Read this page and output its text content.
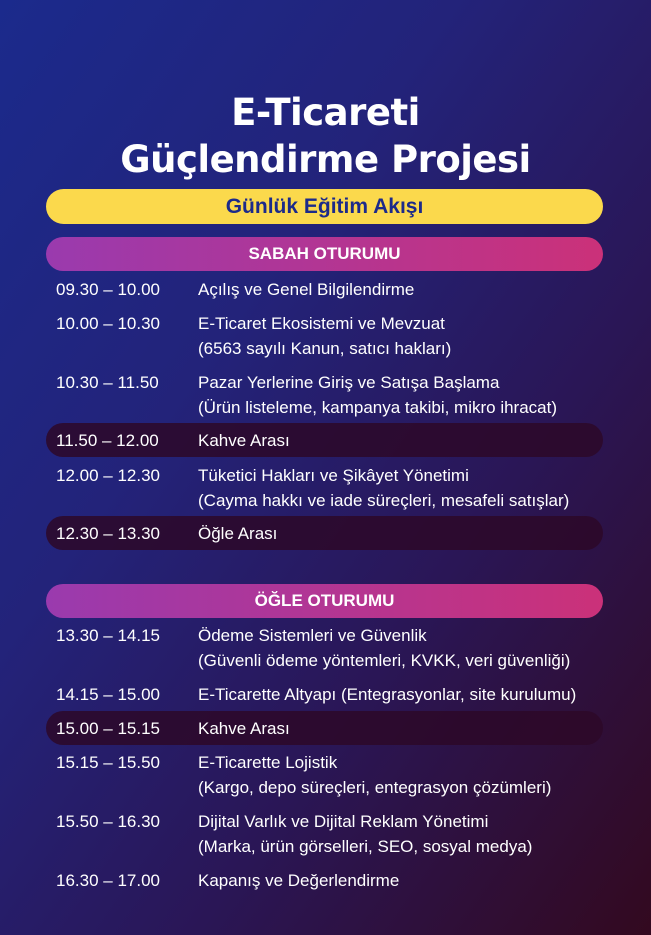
E-Ticareti
Güçlendirme Projesi
Günlük Eğitim Akışı
SABAH OTURUMU
09.30 – 10.00 Açılış ve Genel Bilgilendirme
10.00 – 10.30 E-Ticaret Ekosistemi ve Mevzuat
(6563 sayılı Kanun, satıcı hakları)
10.30 – 11.50 Pazar Yerlerine Giriş ve Satışa Başlama
(Ürün listeleme, kampanya takibi, mikro ihracat)
11.50 – 12.00 Kahve Arası
12.00 – 12.30 Tüketici Hakları ve Şikâyet Yönetimi
(Cayma hakkı ve iade süreçleri, mesafeli satışlar)
12.30 – 13.30 Öğle Arası
ÖĞLE OTURUMU
13.30 – 14.15 Ödeme Sistemleri ve Güvenlik
(Güvenli ödeme yöntemleri, KVKK, veri güvenliği)
14.15 – 15.00 E-Ticarette Altyapı (Entegrasyonlar, site kurulumu)
15.00 – 15.15 Kahve Arası
15.15 – 15.50 E-Ticarette Lojistik
(Kargo, depo süreçleri, entegrasyon çözümleri)
15.50 – 16.30 Dijital Varlık ve Dijital Reklam Yönetimi
(Marka, ürün görselleri, SEO, sosyal medya)
16.30 – 17.00 Kapanış ve Değerlendirme
